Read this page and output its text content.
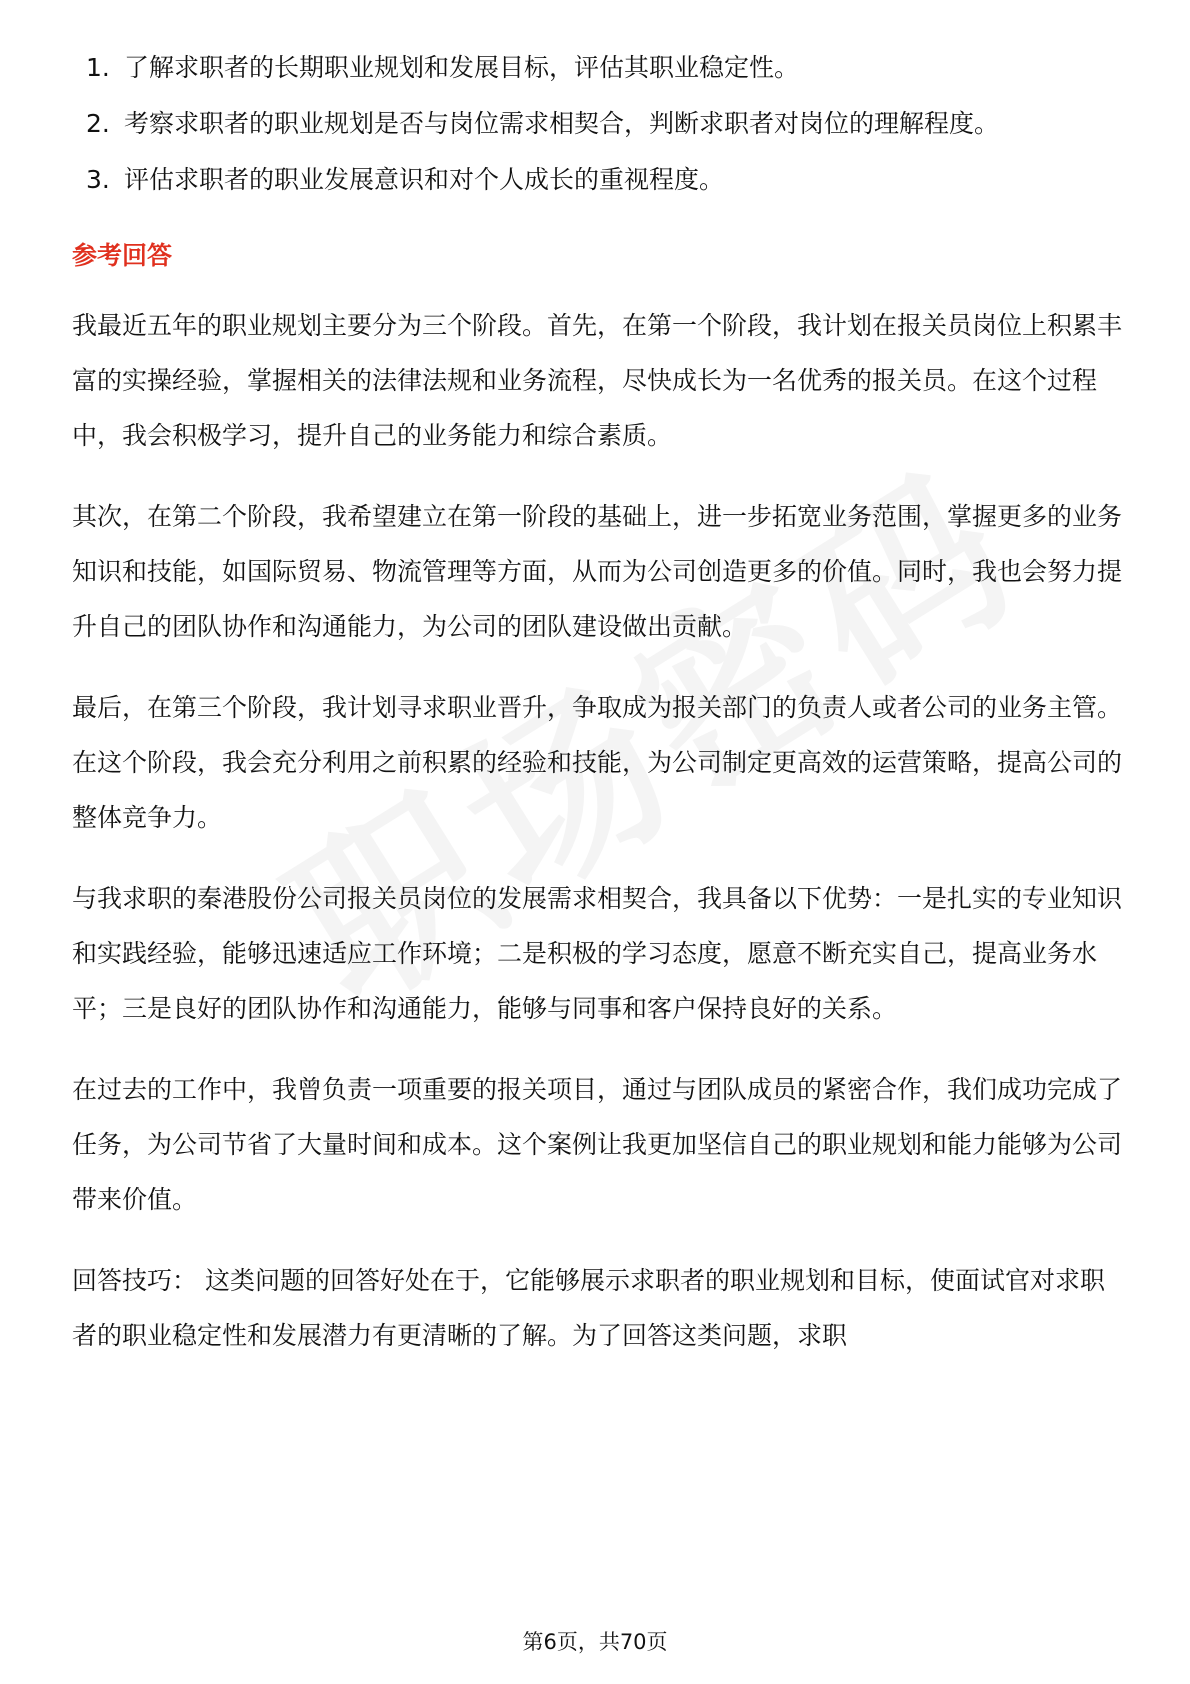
1. 了解求职者的长期职业规划和发展目标，评估其职业稳定性。
2. 考察求职者的职业规划是否与岗位需求相契合，判断求职者对岗位的理解程度。
3. 评估求职者的职业发展意识和对个人成长的重视程度。
参考回答
我最近五年的职业规划主要分为三个阶段。首先，在第一个阶段，我计划在报关员岗位上积累丰富的实操经验，掌握相关的法律法规和业务流程，尽快成长为一名优秀的报关员。在这个过程中，我会积极学习，提升自己的业务能力和综合素质。
其次，在第二个阶段，我希望建立在第一阶段的基础上，进一步拓宽业务范围，掌握更多的业务知识和技能，如国际贸易、物流管理等方面，从而为公司创造更多的价值。同时，我也会努力提升自己的团队协作和沟通能力，为公司的团队建设做出贡献。
最后，在第三个阶段，我计划寻求职业晋升，争取成为报关部门的负责人或者公司的业务主管。在这个阶段，我会充分利用之前积累的经验和技能，为公司制定更高效的运营策略，提高公司的整体竞争力。
与我求职的秦港股份公司报关员岗位的发展需求相契合，我具备以下优势：一是扎实的专业知识和实践经验，能够迅速适应工作环境；二是积极的学习态度，愿意不断充实自己，提高业务水平；三是良好的团队协作和沟通能力，能够与同事和客户保持良好的关系。
在过去的工作中，我曾负责一项重要的报关项目，通过与团队成员的紧密合作，我们成功完成了任务，为公司节省了大量时间和成本。这个案例让我更加坚信自己的职业规划和能力能够为公司带来价值。
回答技巧： 这类问题的回答好处在于，它能够展示求职者的职业规划和目标，使面试官对求职者的职业稳定性和发展潜力有更清晰的了解。为了回答这类问题，求职
第6页，共70页
